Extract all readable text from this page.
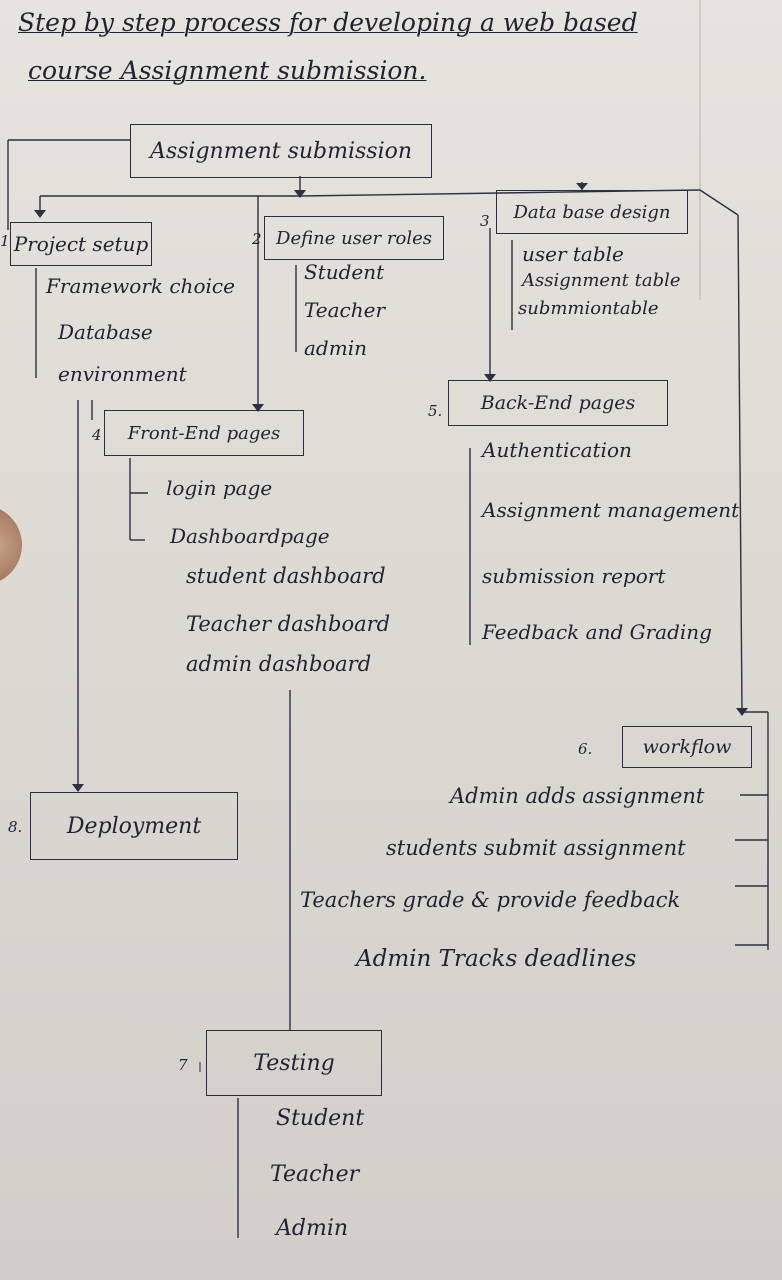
Step by step process for developing a web based
course Assignment submission.
Assignment submission
1 Project setup
Framework choice
Database
environment
2 Define user roles
Student
Teacher
admin
3	Data base design
user table
Assignment table
submmiontable
4	Front-End pages
login page
Dashboardpage
student dashboard
Teacher dashboard
admin dashboard
5.	Back-End pages
Authentication
Assignment management
submission report
Feedback and Grading
6.	workflow
Admin adds assignment
students submit assignment
Teachers grade & provide feedback
Admin Tracks deadlines
7	Testing
Student
Teacher
Admin
8.	Deployment
